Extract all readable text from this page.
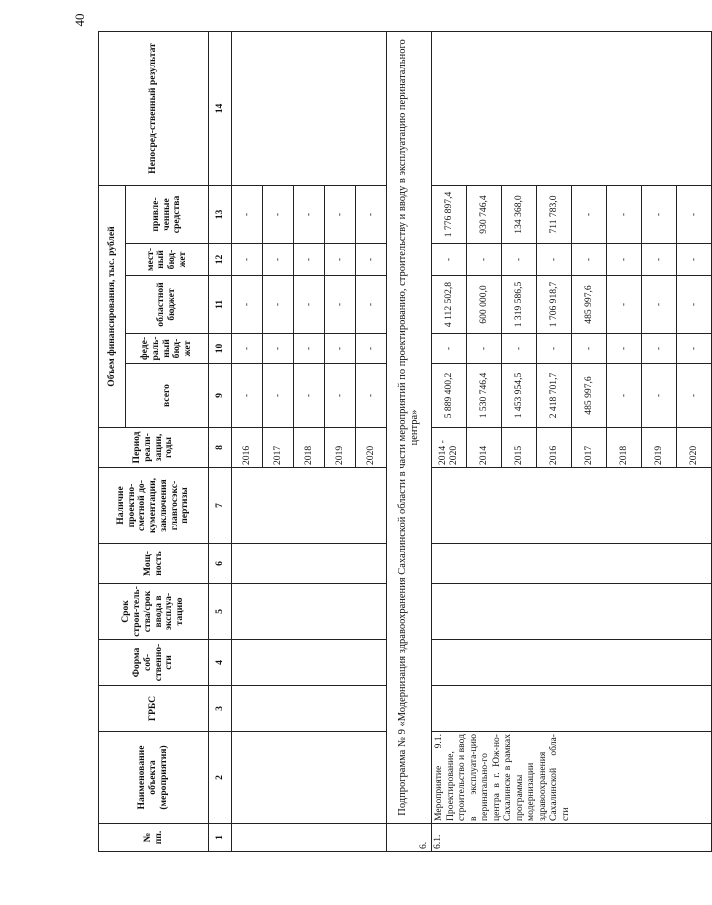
40
№ пп.	Наименование объекта (мероприятия)	ГРБС	Форма соб-ственно-сти	Срок строи-тель-ства/срок ввода в эксплуа-тацию	Мощ-ность	Наличие проектно-сметной до-кументации, заключения главгосэкс-пертизы	Период реали-зации, годы	Объем финансирования, тыс. рублей					Непосред-ственный результат
								всего	феде-раль-ный бюд-жет	областной бюджет	мест-ный бюд-жет	привле-ченные средства	
1	2	3	4	5	6	7	8	9	10	11	12	13	14
							2016	-	-	-	-	-	
							2017	-	-	-	-	-	
							2018	-	-	-	-	-	
							2019	-	-	-	-	-	
							2020	-	-	-	-	-	
6.	Подпрограмма № 9 «Модернизация здравоохранения Сахалинской области в части мероприятий по проектированию, строительству и вводу в эксплуатацию перинатального центра»												
6.1.	Мероприятие 9.1. Проектирование, строительство и ввод в эксплуата-цию перинатально-го центра в г. Юж-но-Сахалинске в рамках программы модернизации здравоохранения Сахалинской обла-сти						2014 - 2020	5 889 400,2	-	4 112 502,8	-	1 776 897,4	
							2014	1 530 746,4	-	600 000,0	-	930 746,4	
							2015	1 453 954,5	-	1 319 586,5	-	134 368,0	
							2016	2 418 701,7	-	1 706 918,7	-	711 783,0	
							2017	485 997,6	-	485 997,6	-	-	
							2018	-	-	-	-	-	
							2019	-	-	-	-	-	
							2020	-	-	-	-	-	
